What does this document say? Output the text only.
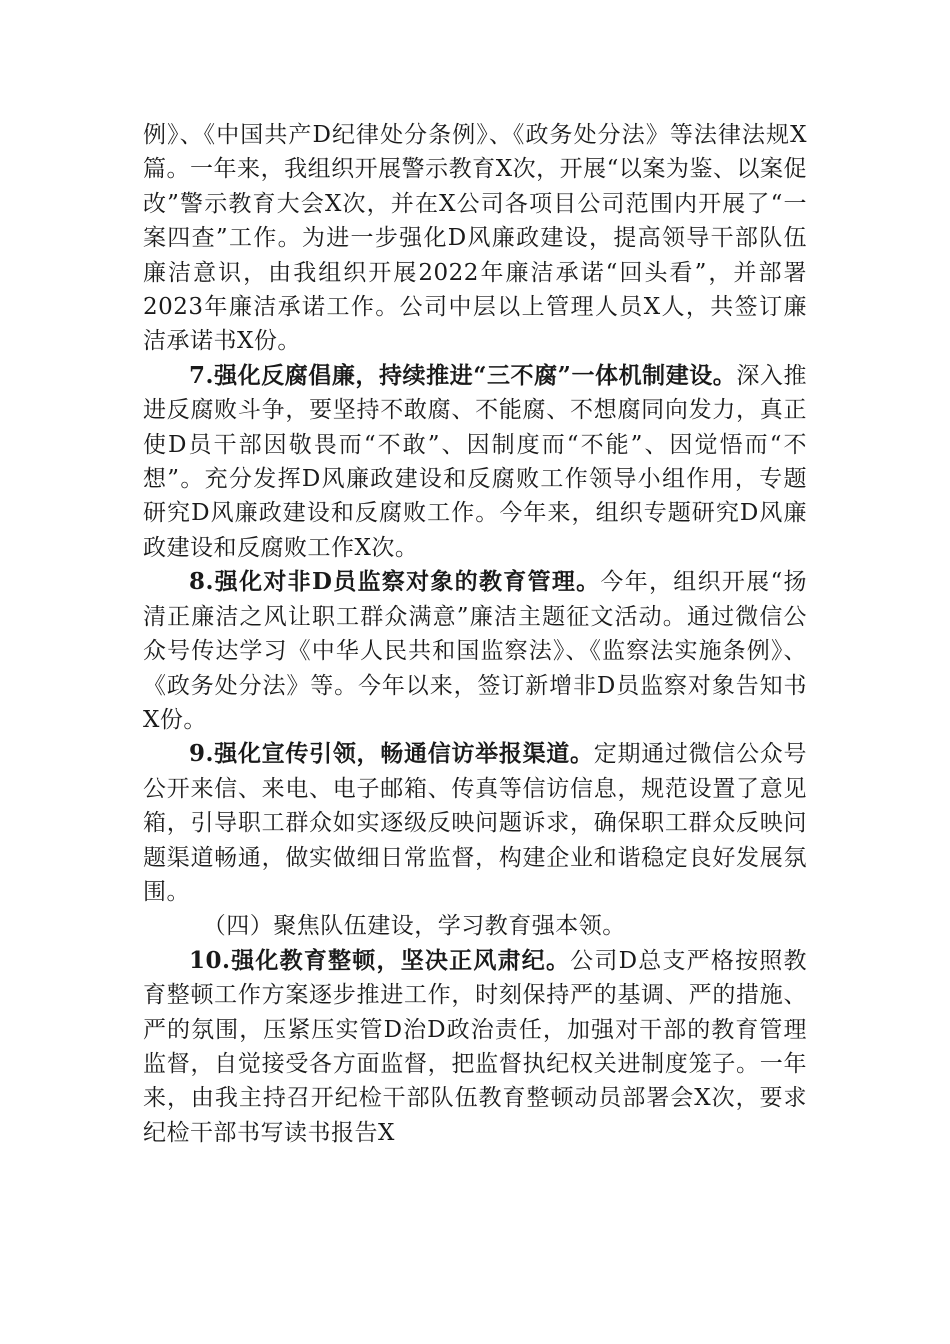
例》、《中国共产D纪律处分条例》、《政务处分法》等法律法规X篇。一年来，我组织开展警示教育X次，开展“以案为鉴、以案促改”警示教育大会X次，并在X公司各项目公司范围内开展了“一案四查”工作。为进一步强化D风廉政建设，提高领导干部队伍廉洁意识，由我组织开展2022年廉洁承诺“回头看”，并部署2023年廉洁承诺工作。公司中层以上管理人员X人，共签订廉洁承诺书X份。

7.强化反腐倡廉，持续推进“三不腐”一体机制建设。深入推进反腐败斗争，要坚持不敢腐、不能腐、不想腐同向发力，真正使D员干部因敬畏而“不敢”、因制度而“不能”、因觉悟而“不想”。充分发挥D风廉政建设和反腐败工作领导小组作用，专题研究D风廉政建设和反腐败工作。今年来，组织专题研究D风廉政建设和反腐败工作X次。

8.强化对非D员监察对象的教育管理。今年，组织开展“扬清正廉洁之风让职工群众满意”廉洁主题征文活动。通过微信公众号传达学习《中华人民共和国监察法》、《监察法实施条例》、《政务处分法》等。今年以来，签订新增非D员监察对象告知书X份。

9.强化宣传引领，畅通信访举报渠道。定期通过微信公众号公开来信、来电、电子邮箱、传真等信访信息，规范设置了意见箱，引导职工群众如实逐级反映问题诉求，确保职工群众反映问题渠道畅通，做实做细日常监督，构建企业和谐稳定良好发展氛围。

（四）聚焦队伍建设，学习教育强本领。

10.强化教育整顿，坚决正风肃纪。公司D总支严格按照教育整顿工作方案逐步推进工作，时刻保持严的基调、严的措施、严的氛围，压紧压实管D治D政治责任，加强对干部的教育管理监督，自觉接受各方面监督，把监督执纪权关进制度笼子。一年来，由我主持召开纪检干部队伍教育整顿动员部署会X次，要求纪检干部书写读书报告X
